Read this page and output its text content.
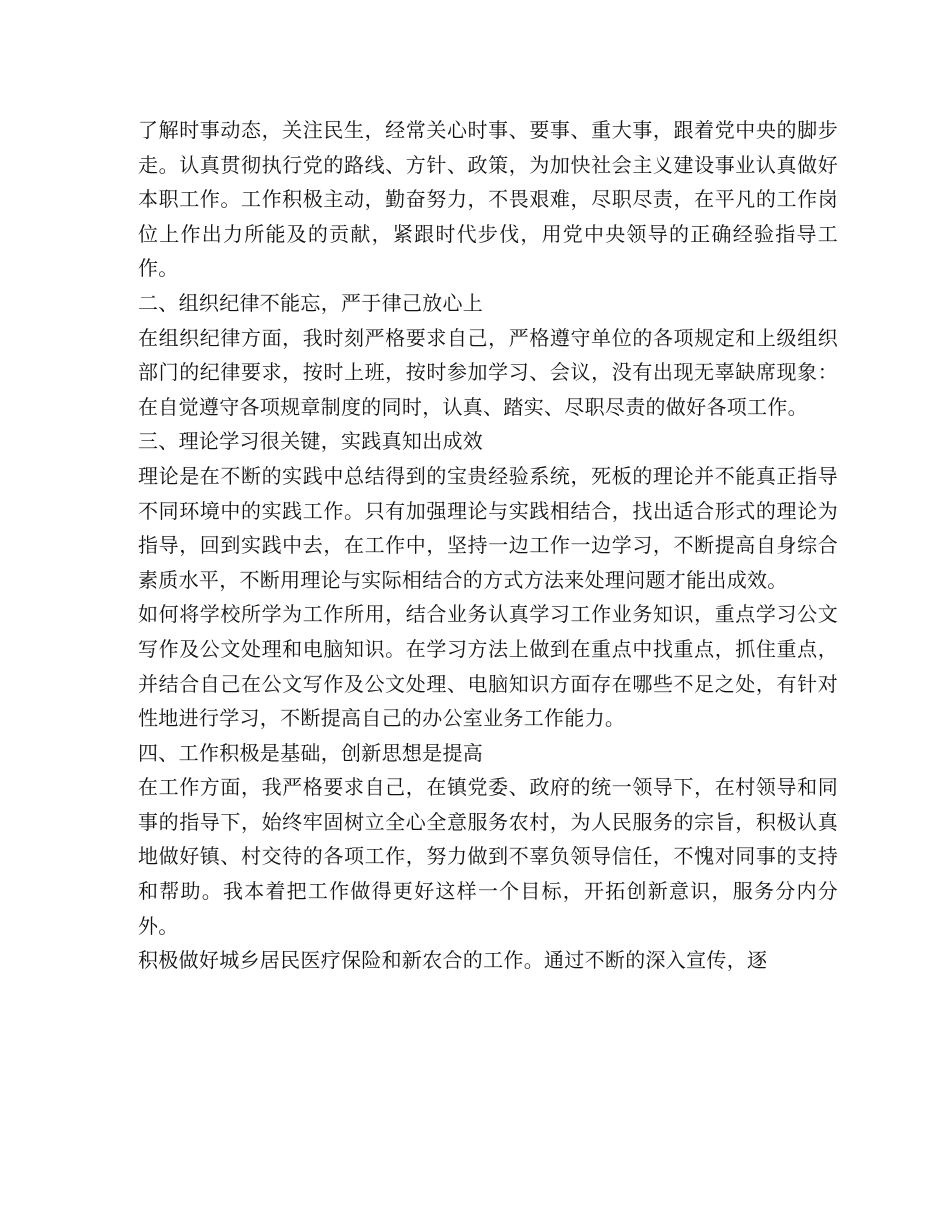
了解时事动态，关注民生，经常关心时事、要事、重大事，跟着党中央的脚步走。认真贯彻执行党的路线、方针、政策，为加快社会主义建设事业认真做好本职工作。工作积极主动，勤奋努力，不畏艰难，尽职尽责，在平凡的工作岗位上作出力所能及的贡献，紧跟时代步伐，用党中央领导的正确经验指导工作。

二、组织纪律不能忘，严于律己放心上

在组织纪律方面，我时刻严格要求自己，严格遵守单位的各项规定和上级组织部门的纪律要求，按时上班，按时参加学习、会议，没有出现无辜缺席现象：在自觉遵守各项规章制度的同时，认真、踏实、尽职尽责的做好各项工作。

三、理论学习很关键，实践真知出成效

理论是在不断的实践中总结得到的宝贵经验系统，死板的理论并不能真正指导不同环境中的实践工作。只有加强理论与实践相结合，找出适合形式的理论为指导，回到实践中去，在工作中，坚持一边工作一边学习，不断提高自身综合素质水平，不断用理论与实际相结合的方式方法来处理问题才能出成效。

如何将学校所学为工作所用，结合业务认真学习工作业务知识，重点学习公文写作及公文处理和电脑知识。在学习方法上做到在重点中找重点，抓住重点，并结合自己在公文写作及公文处理、电脑知识方面存在哪些不足之处，有针对性地进行学习，不断提高自己的办公室业务工作能力。

四、工作积极是基础，创新思想是提高

在工作方面，我严格要求自己，在镇党委、政府的统一领导下，在村领导和同事的指导下，始终牢固树立全心全意服务农村，为人民服务的宗旨，积极认真地做好镇、村交待的各项工作，努力做到不辜负领导信任，不愧对同事的支持和帮助。我本着把工作做得更好这样一个目标，开拓创新意识，服务分内分外。

积极做好城乡居民医疗保险和新农合的工作。通过不断的深入宣传，逐
